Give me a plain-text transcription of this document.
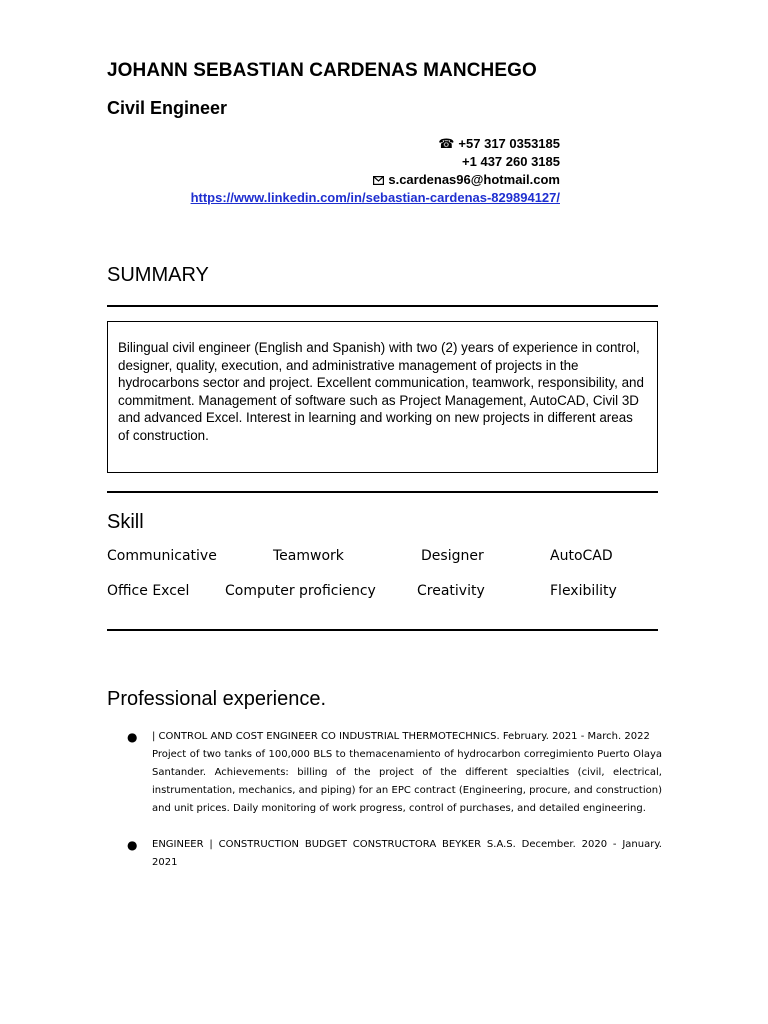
JOHANN SEBASTIAN CARDENAS MANCHEGO
Civil Engineer
☎ +57 317 0353185
+1 437 260 3185
s.cardenas96@hotmail.com
https://www.linkedin.com/in/sebastian-cardenas-829894127/
SUMMARY
Bilingual civil engineer (English and Spanish) with two (2) years of experience in control, designer, quality, execution, and administrative management of projects in the hydrocarbons sector and project. Excellent communication, teamwork, responsibility, and commitment. Management of software such as Project Management, AutoCAD, Civil 3D and advanced Excel. Interest in learning and working on new projects in different areas of construction.
Skill
Communicative	Teamwork	Designer	AutoCAD
Office Excel	Computer proficiency	Creativity	Flexibility
Professional experience.
● | CONTROL AND COST ENGINEER CO INDUSTRIAL THERMOTECHNICS. February. 2021 - March. 2022
Project of two tanks of 100,000 BLS to themacenamiento of hydrocarbon corregimiento Puerto Olaya Santander. Achievements: billing of the project of the different specialties (civil, electrical, instrumentation, mechanics, and piping) for an EPC contract (Engineering, procure, and construction) and unit prices. Daily monitoring of work progress, control of purchases, and detailed engineering.
● ENGINEER | CONSTRUCTION BUDGET CONSTRUCTORA BEYKER S.A.S. December. 2020 - January. 2021
